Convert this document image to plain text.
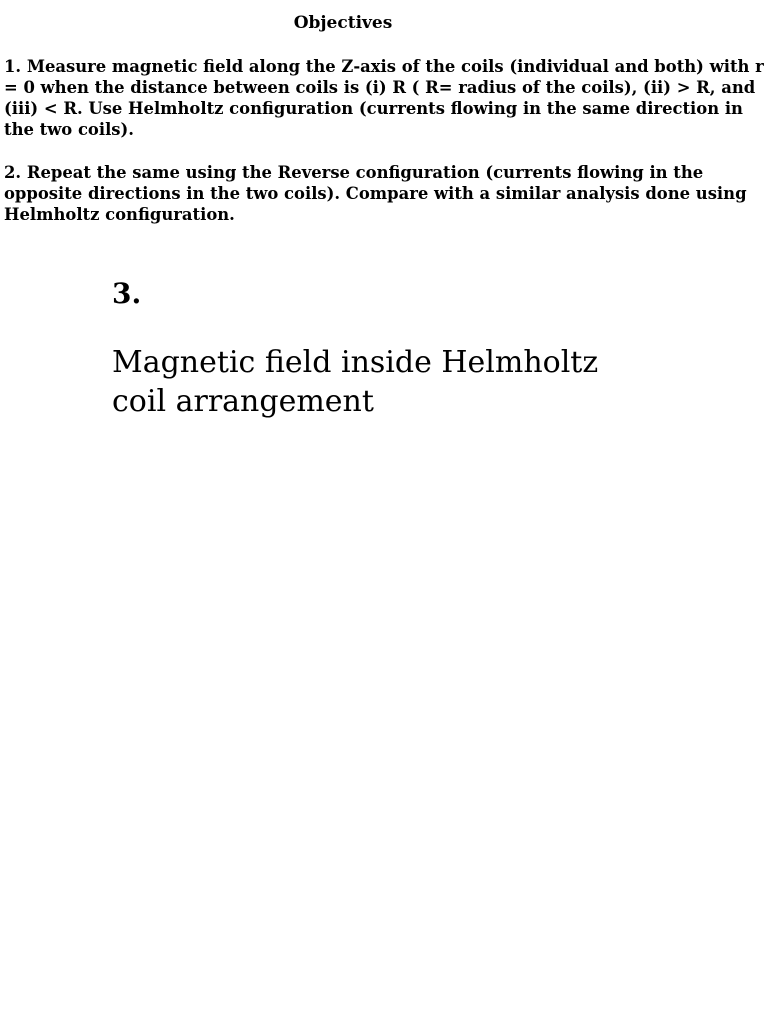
Objectives

1. Measure magnetic field along the Z-axis of the coils (individual and both) with r = 0 when the distance between coils is (i) R ( R= radius of the coils), (ii) > R, and (iii) < R. Use Helmholtz configuration (currents flowing in the same direction in the two coils).

2. Repeat the same using the Reverse configuration (currents flowing in the opposite directions in the two coils). Compare with a similar analysis done using Helmholtz configuration.

3.
Magnetic field inside Helmholtz coil arrangement
